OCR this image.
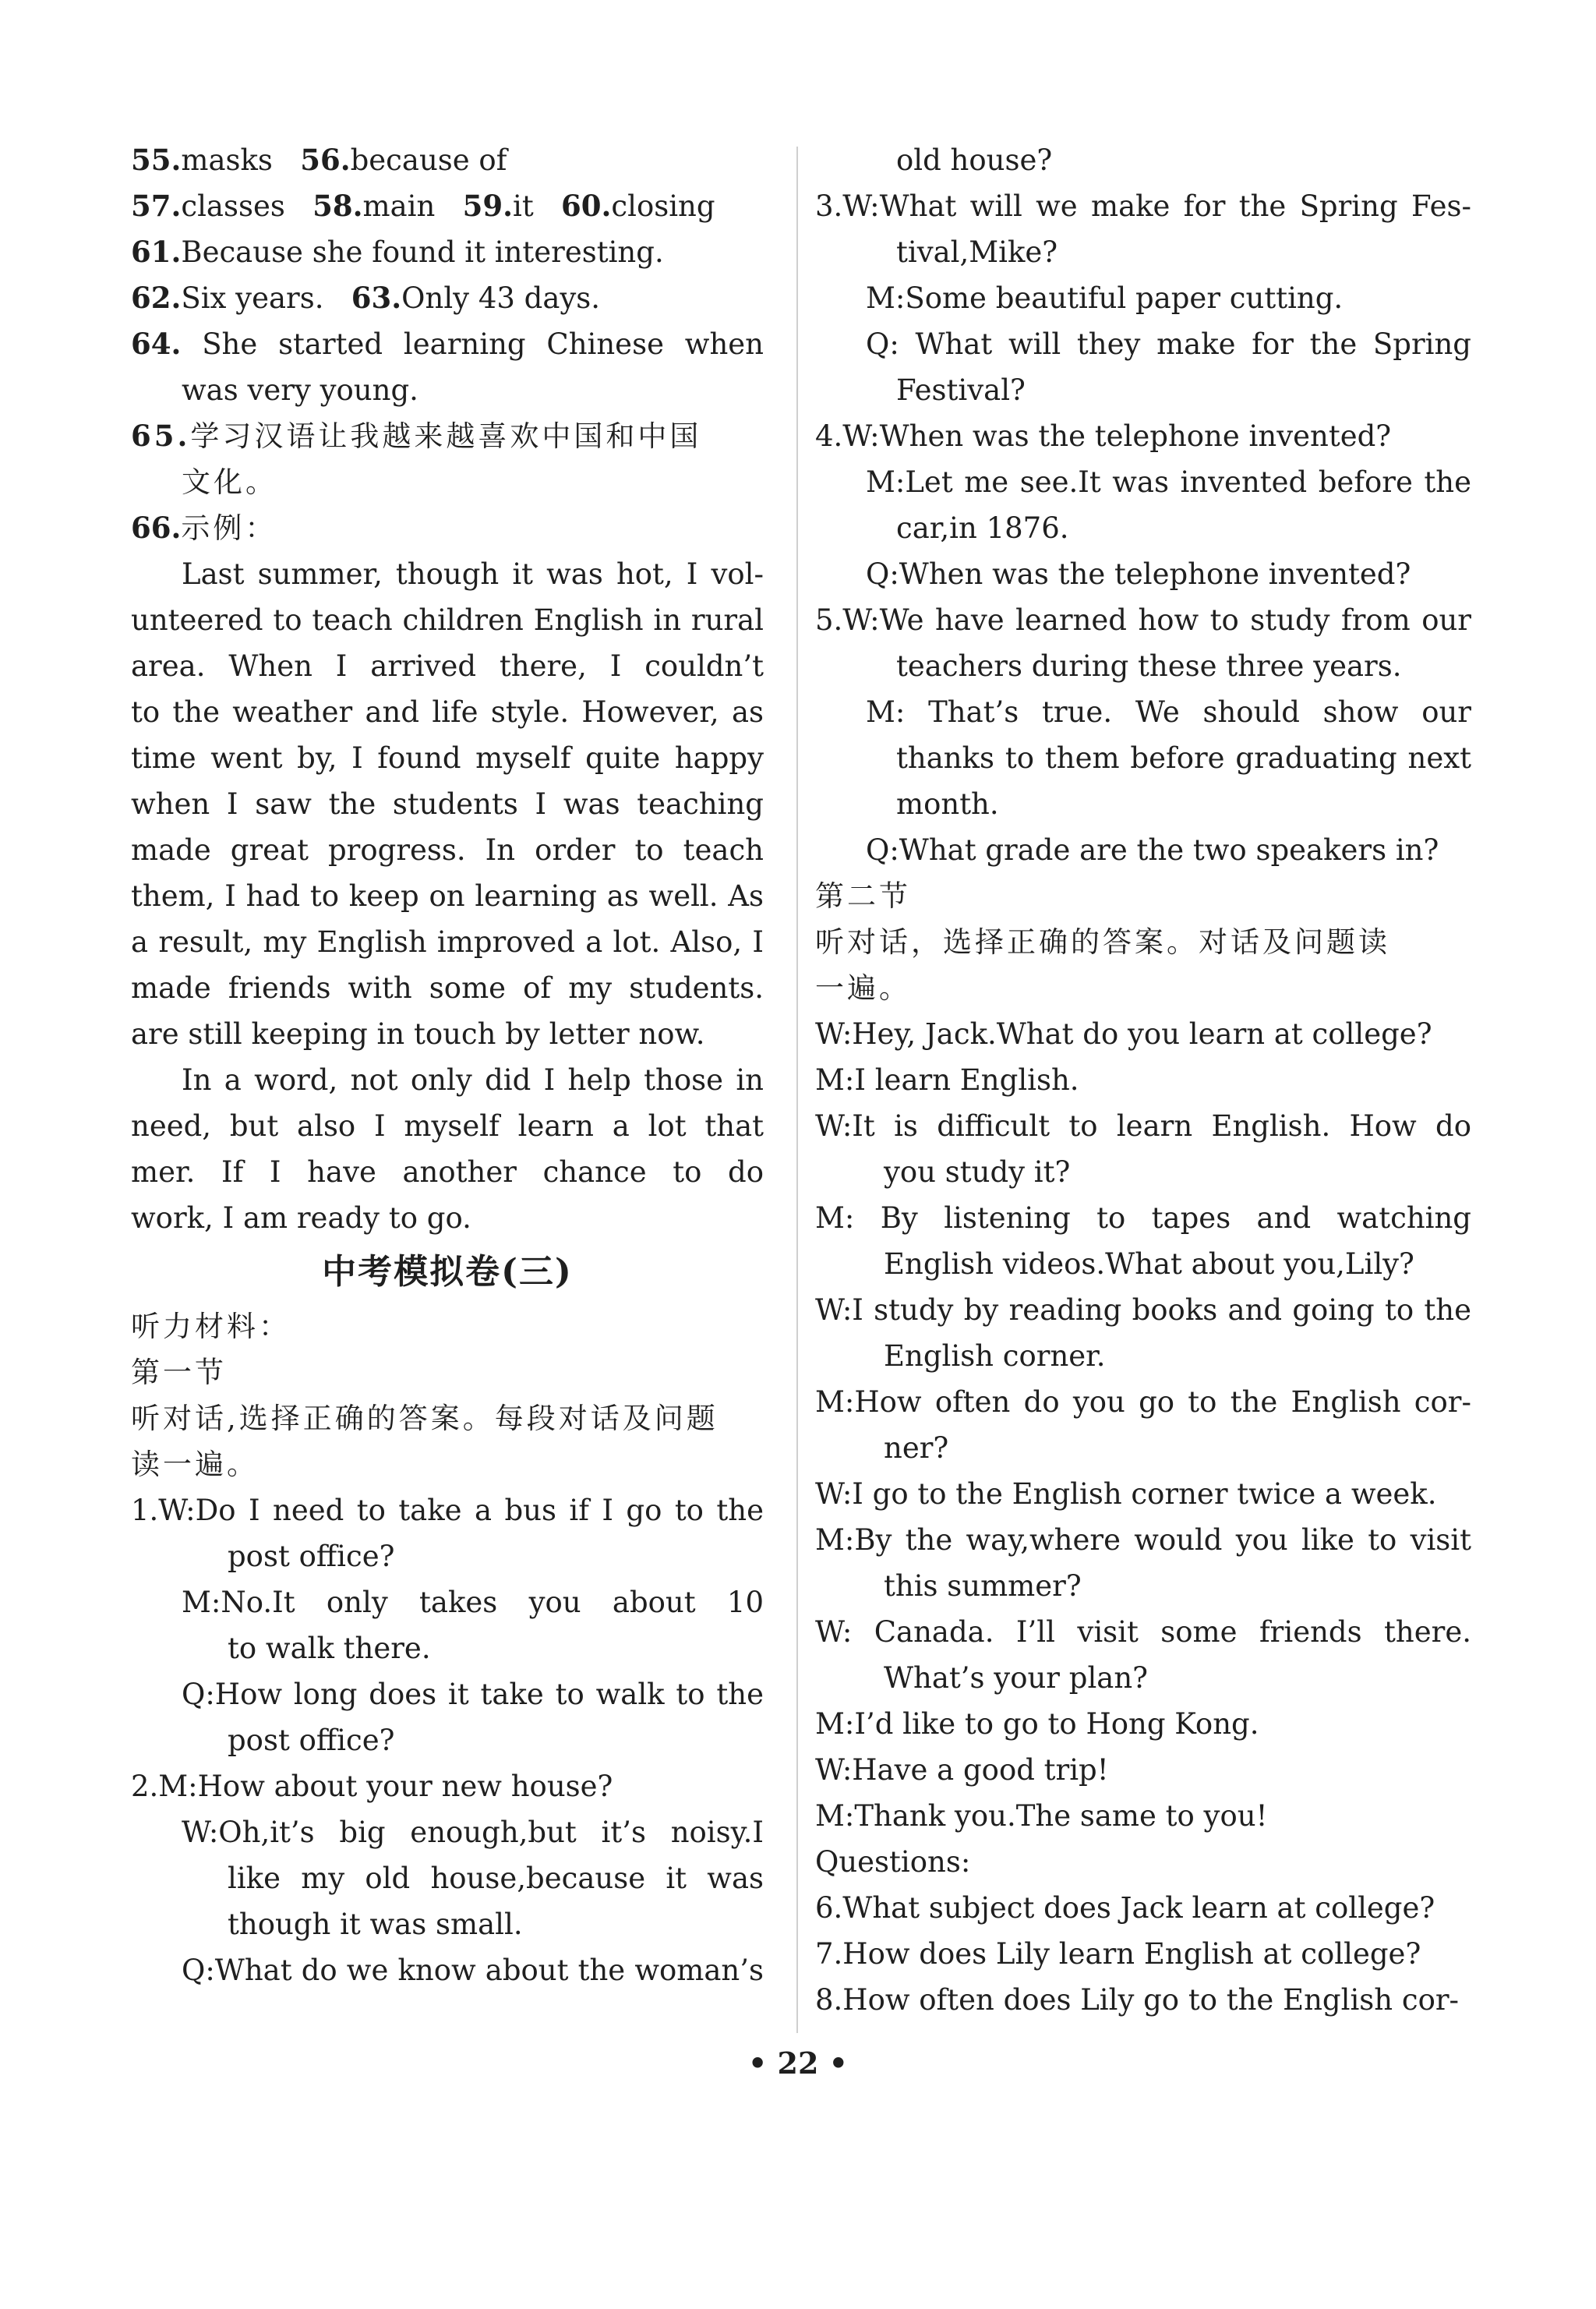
55.masks 56.because of
57.classes 58.main 59.it 60.closing
61.Because she found it interesting.
62.Six years. 63.Only 43 days.
64. She started learning Chinese when
was very young.
65.学习汉语让我越来越喜欢中国和中国
文化。
66.示例：
Last summer, though it was hot, I vol-
unteered to teach children English in rural
area. When I arrived there, I couldn’t
to the weather and life style. However, as
time went by, I found myself quite happy
when I saw the students I was teaching
made great progress. In order to teach
them, I had to keep on learning as well. As
a result, my English improved a lot. Also, I
made friends with some of my students.
are still keeping in touch by letter now.
In a word, not only did I help those in
need, but also I myself learn a lot that
mer. If I have another chance to do
work, I am ready to go.
中考模拟卷(三)
听力材料：
第一节
听对话,选择正确的答案。每段对话及问题
读一遍。
1.W:Do I need to take a bus if I go to the
post office?
M:No.It only takes you about 10
to walk there.
Q:How long does it take to walk to the
post office?
2.M:How about your new house?
W:Oh,it’s big enough,but it’s noisy.I
like my old house,because it was
though it was small.
Q:What do we know about the woman’s
old house?
3.W:What will we make for the Spring Fes-
tival,Mike?
M:Some beautiful paper cutting.
Q: What will they make for the Spring
Festival?
4.W:When was the telephone invented?
M:Let me see.It was invented before the
car,in 1876.
Q:When was the telephone invented?
5.W:We have learned how to study from our
teachers during these three years.
M: That’s true. We should show our
thanks to them before graduating next
month.
Q:What grade are the two speakers in?
第二节
听对话，选择正确的答案。对话及问题读
一遍。
W:Hey, Jack.What do you learn at college?
M:I learn English.
W:It is difficult to learn English. How do
you study it?
M: By listening to tapes and watching
English videos.What about you,Lily?
W:I study by reading books and going to the
English corner.
M:How often do you go to the English cor-
ner?
W:I go to the English corner twice a week.
M:By the way,where would you like to visit
this summer?
W: Canada. I’ll visit some friends there.
What’s your plan?
M:I’d like to go to Hong Kong.
W:Have a good trip!
M:Thank you.The same to you!
Questions:
6.What subject does Jack learn at college?
7.How does Lily learn English at college?
8.How often does Lily go to the English cor-
• 22 •
